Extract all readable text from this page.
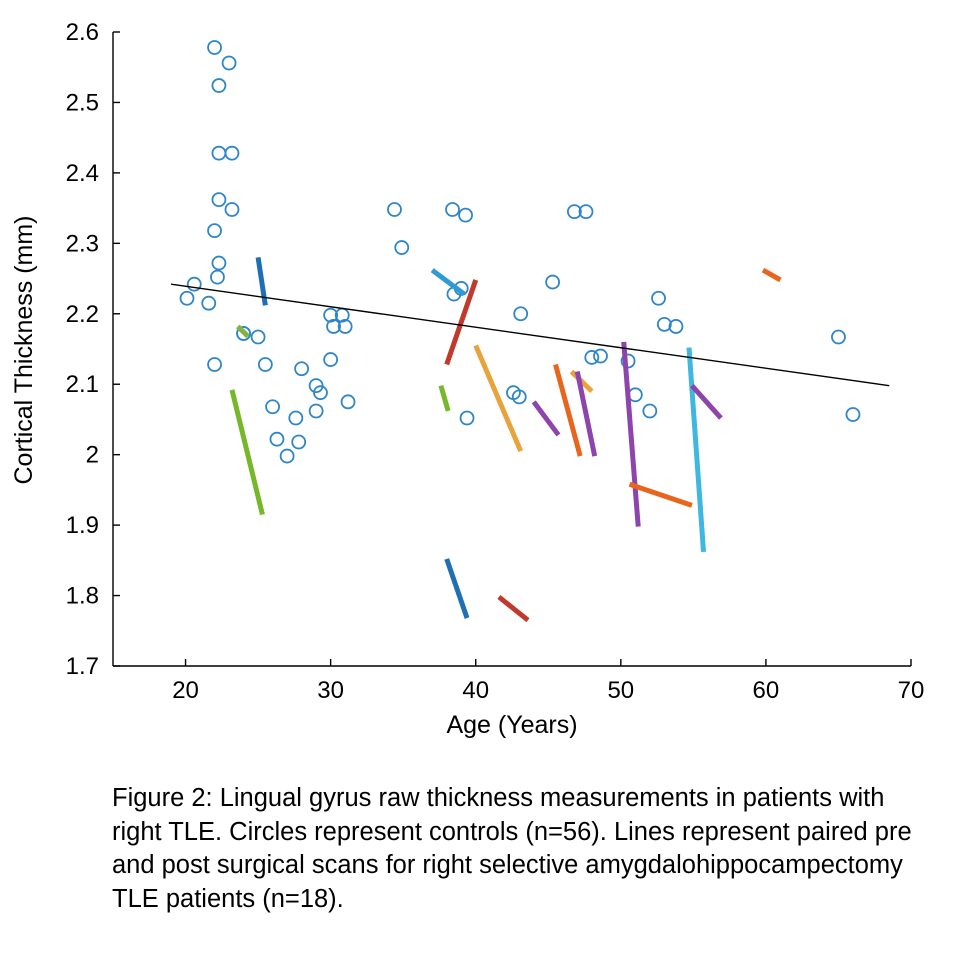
20	30	40	50	60	70
1.7
1.8
1.9
2
2.1
2.2
2.3
2.4
2.5
2.6
Age (Years)
Cortical Thickness (mm)
Figure 2: Lingual gyrus raw thickness measurements in patients with right TLE. Circles represent controls (n=56). Lines represent paired pre and post surgical scans for right selective amygdalohippocampectomy TLE patients (n=18).
